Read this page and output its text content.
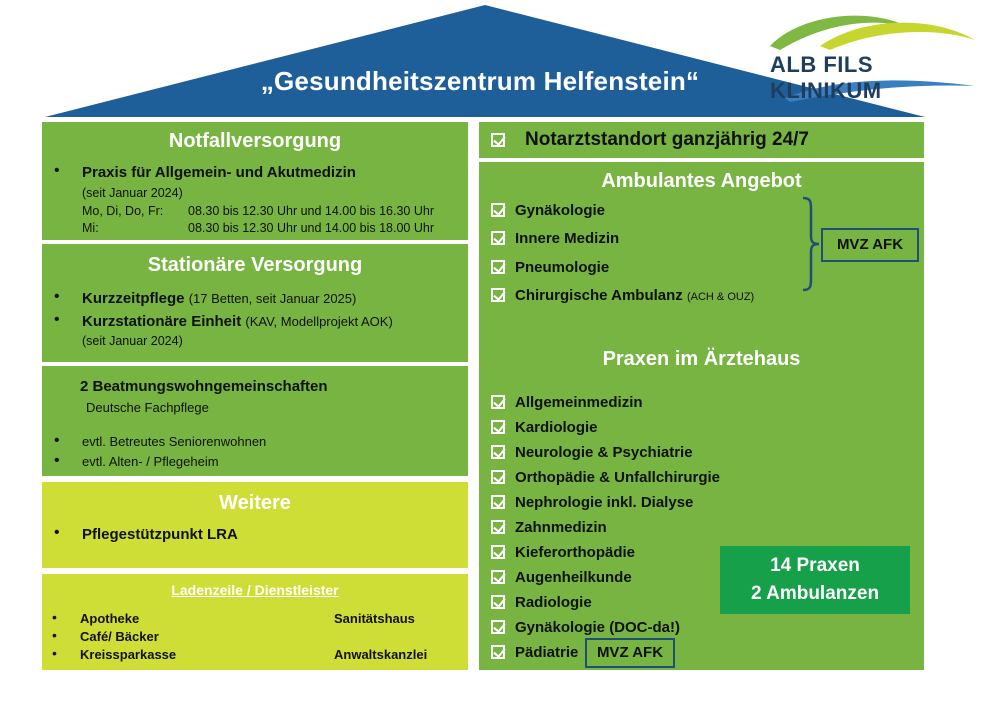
„Gesundheitszentrum Helfenstein“
ALB FILS KLINIKUM
Notfallversorgung
• Praxis für Allgemein- und Akutmedizin
(seit Januar 2024)
Mo, Di, Do, Fr: 08.30 bis 12.30 Uhr und 14.00 bis 16.30 Uhr
Mi:	08.30 bis 12.30 Uhr und 14.00 bis 18.00 Uhr
Stationäre Versorgung
• Kurzzeitpflege (17 Betten, seit Januar 2025)
• Kurzstationäre Einheit (KAV, Modellprojekt AOK)
(seit Januar 2024)
2 Beatmungswohngemeinschaften
Deutsche Fachpflege
• evtl. Betreutes Seniorenwohnen
• evtl. Alten- / Pflegeheim
Weitere
• Pflegestützpunkt LRA
Ladenzeile / Dienstleister
• Apotheke
• Café/ Bäcker
• Kreissparkasse
Sanitätshaus
Anwaltskanzlei
Notarztstandort ganzjährig 24/7
Ambulantes Angebot
Gynäkologie
Innere Medizin
Pneumologie
Chirurgische Ambulanz (ACH & OUZ)
MVZ AFK
Praxen im Ärztehaus
Allgemeinmedizin
Kardiologie
Neurologie & Psychiatrie
Orthopädie & Unfallchirurgie
Nephrologie inkl. Dialyse
Zahnmedizin
Kieferorthopädie
Augenheilkunde
Radiologie
Gynäkologie (DOC-da!)
Pädiatrie	MVZ AFK
14 Praxen
2 Ambulanzen
